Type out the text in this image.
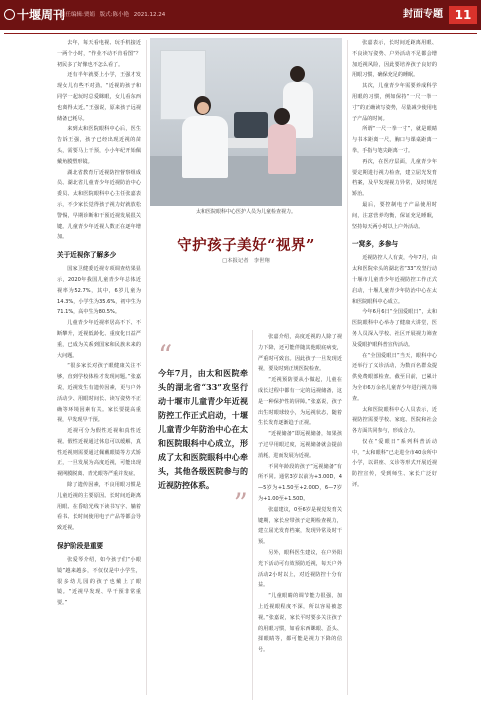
十堰周刊
责任编辑:贾娟 版式:陈小艳 2021.12.24	封面专题 11

去年，每天看电视、玩手机接近一两个小时，“作业不动不肯看图”？初民多了好像也不怎么看了。

还有半年就要上小学，王强才发现女儿有些不对劲。“近视的孩子和同学一起玩时总爱眯眼，女儿看东西也离得太近。”王强说，原来孩子远视储备已耗尽。

来到太和医院眼科中心后，医生告诉王强，孩子已经出现近视的苗头，需要马上干预，小小年纪开始佩戴角膜塑形镜。

湖北省教育厅近视防控督察组成员、湖北省儿童青少年近视防治中心委员、太和医院眼科中心主任张嘉表示，不少家长觉得孩子视力好就放松警惕，早期诊断和干预近视发展很关键。儿童青少年近视人数正在逐年增加。

关于近视你了解多少

国家卫健委近视专项调查结果显示，2020年我国儿童青少年总体近视率为52.7%，其中，6岁儿童为14.3%，小学生为35.6%，初中生为71.1%，高中生为80.5%。

儿童青少年近视率居高不下、不断攀升，近视低龄化、重度化日益严重，已成为关系到国家和民族未来的大问题。

“很多家长对孩子眼健康关注不够，直到学校体检才发现问题。”张嘉说，近视发生有遗传因素，更与户外活动少、用眼时间长、读写姿势不正确等环境因素有关。家长要提高重视，早发现早干预。

近视可分为假性近视和真性近视。假性近视通过休息可以缓解，真性近视则需要通过佩戴眼镜等方式矫正，一旦发展为高度近视，可能出现视网膜脱离、青光眼等严重并发症。

除了遗传因素，不良用眼习惯是儿童近视的主要原因。长时间近距离用眼、在昏暗光线下读书写字、躺着看书、长时间使用电子产品等都会导致近视。

保护阶段是重要

张爱琴介绍，如今孩子们“小眼镜”越来越多，不仅仅是中小学生，很多幼儿园的孩子也戴上了眼镜。“近视早发现、早干预非常重要。”

太和医院眼科中心医护人员为儿童检查视力。
守护孩子美好“视界”
□本报记者　李世翔
“
今年7月，由太和医院牵头的湖北省“33”攻坚行动十堰市儿童青少年近视防控工作正式启动，十堰儿童青少年防治中心在太和医院眼科中心成立，形成了太和医院眼科中心牵头，其他各级医院参与的近视防控体系。
”

张嘉介绍，高度近视的人除了视力下降，还可能伴随其他眼底病变，严重时可致盲。因此孩子一旦发现近视，要及时到正规医院检查。

“近视预防要从小做起，儿童在成长过程中都有一定的远视储备，这是一种保护性的屏障。”张嘉说，孩子出生时眼球较小，为远视状态，随着生长发育逐渐趋于正视。

“近视储备”即远视储备，如果孩子过早用眼过度，远视储备就会提前消耗，进而发展为近视。

不同年龄段的孩子“远视储备”有所不同。通常3岁以前为+3.00D，4—5岁为+1.50至+2.00D，6—7岁为+1.00至+1.50D。

张嘉建议，0至6岁是视觉发育关键期，家长应带孩子定期检查视力，建立屈光发育档案，发现异常及时干预。

另外，眼科医生建议，在户外阳光下活动可有效预防近视，每天户外活动2小时以上，对近视防控十分有益。

“儿童眼睛的调节能力很强，加上近视眼程度不深，所以容易被忽视。”张嘉说，家长平时要多关注孩子的用眼习惯，如看东西眯眼、歪头、揉眼睛等，都可能是视力下降的信号。

张嘉表示，长时间近距离用眼、不良读写姿势、户外活动不足都会增加近视风险，因此要培养孩子良好的用眼习惯，确保充足的睡眠。

其次，儿童青少年需要养成科学用眼的习惯，例如保持“一尺一拳一寸”的正确读写姿势，尽量减少使用电子产品的时间。

所谓“一尺一拳一寸”，就是眼睛与书本距离一尺，胸口与课桌距离一拳，手指与笔尖距离一寸。

再次，在医疗层面，儿童青少年要定期进行视力检查，建立屈光发育档案，及早发现视力异常，及时规范矫治。

最后，要控制电子产品使用时间，注意营养均衡，保证充足睡眠，坚持每天两小时以上户外活动。

一窝多，多参与

近视防控人人有责，今年7月，由太和医院牵头的湖北省“33”攻坚行动十堰市儿童青少年近视防控工作正式启动，十堰儿童青少年防治中心在太和医院眼科中心成立。

今年6月6日“全国爱眼日”，太和医院眼科中心举办了健康大讲堂，医务人员深入学校、社区开展视力筛查及爱眼护眼科普宣传活动。

在“全国爱眼日”当天，眼科中心还举行了义诊活动，为数百名群众提供免费眼部检查。截至目前，已累计为全市6万余名儿童青少年进行视力筛查。

太和医院眼科中心人员表示，近视防控需要学校、家庭、医院和社会各方面共同参与，形成合力。

仅在“爱眼日”系列科普活动中，“太和眼科”已走进全市40余所中小学，以讲座、义诊等形式开展近视防控宣传，受到师生、家长广泛好评。
